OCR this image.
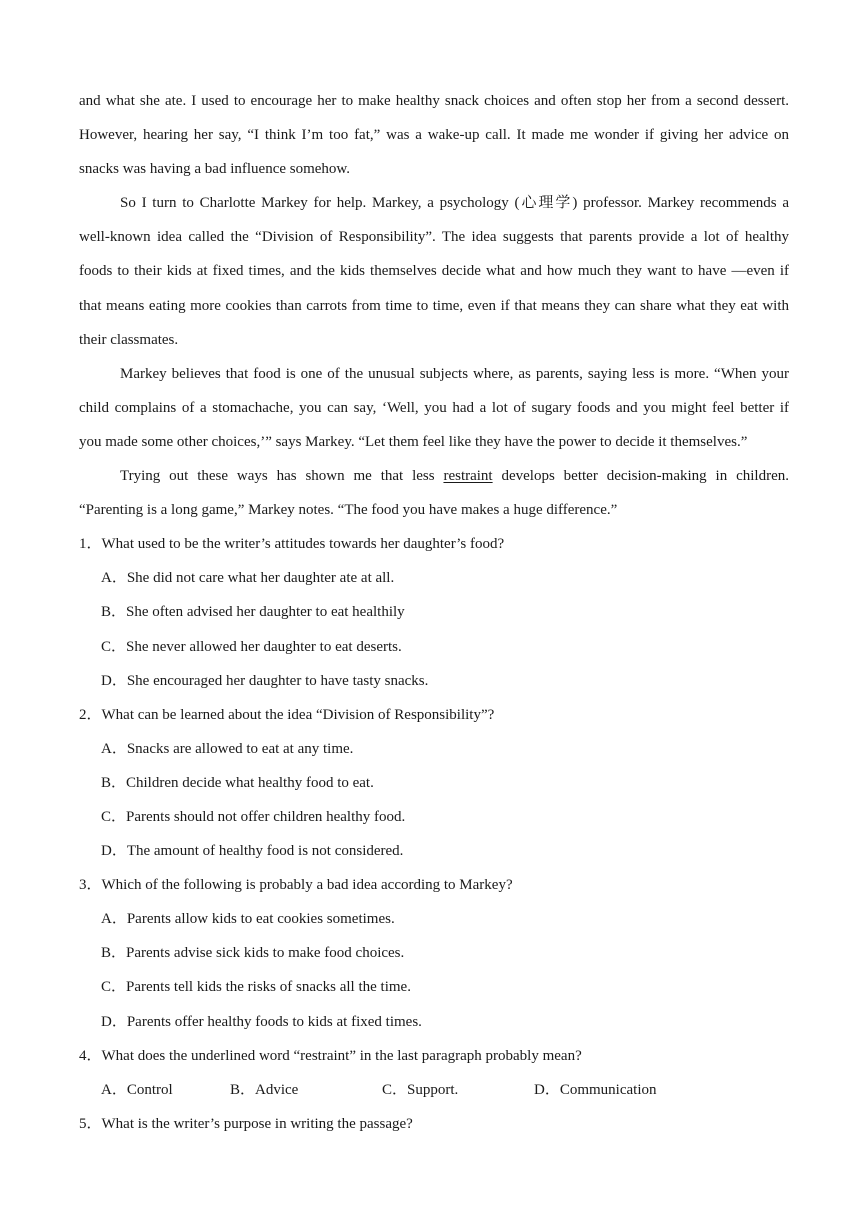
and what she ate. I used to encourage her to make healthy snack choices and often stop her from a second dessert.
However, hearing her say, “I think I’m too fat,” was a wake-up call. It made me wonder if giving her advice on
snacks was having a bad influence somehow.
So I turn to Charlotte Markey for help. Markey, a psychology (心理学) professor. Markey recommends a
well-known idea called the “Division of Responsibility”. The idea suggests that parents provide a lot of healthy
foods to their kids at fixed times, and the kids themselves decide what and how much they want to have —even if
that means eating more cookies than carrots from time to time, even if that means they can share what they eat with
their classmates.
Markey believes that food is one of the unusual subjects where, as parents, saying less is more. “When your
child complains of a stomachache, you can say, ‘Well, you had a lot of sugary foods and you might feel better if
you made some other choices,’” says Markey. “Let them feel like they have the power to decide it themselves.”
Trying out these ways has shown me that less restraint develops better decision-making in children.
“Parenting is a long game,” Markey notes. “The food you have makes a huge difference.”
1．What used to be the writer’s attitudes towards her daughter’s food?
A．She did not care what her daughter ate at all.
B．She often advised her daughter to eat healthily
C．She never allowed her daughter to eat deserts.
D．She encouraged her daughter to have tasty snacks.
2．What can be learned about the idea “Division of Responsibility”?
A．Snacks are allowed to eat at any time.
B．Children decide what healthy food to eat.
C．Parents should not offer children healthy food.
D．The amount of healthy food is not considered.
3．Which of the following is probably a bad idea according to Markey?
A．Parents allow kids to eat cookies sometimes.
B．Parents advise sick kids to make food choices.
C．Parents tell kids the risks of snacks all the time.
D．Parents offer healthy foods to kids at fixed times.
4．What does the underlined word “restraint” in the last paragraph probably mean?
A．Control	B．Advice	C．Support.	D．Communication
5．What is the writer’s purpose in writing the passage?
